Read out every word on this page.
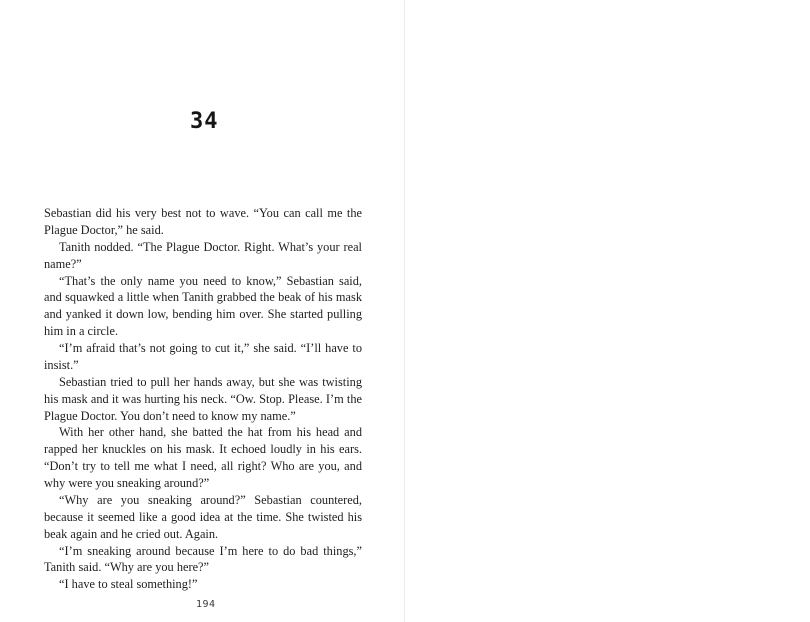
34

Sebastian did his very best not to wave. “You can call me the Plague Doctor,” he said.

Tanith nodded. “The Plague Doctor. Right. What’s your real name?”

“That’s the only name you need to know,” Sebastian said, and squawked a little when Tanith grabbed the beak of his mask and yanked it down low, bending him over. She started pulling him in a circle.

“I’m afraid that’s not going to cut it,” she said. “I’ll have to insist.”

Sebastian tried to pull her hands away, but she was twisting his mask and it was hurting his neck. “Ow. Stop. Please. I’m the Plague Doctor. You don’t need to know my name.”

With her other hand, she batted the hat from his head and rapped her knuckles on his mask. It echoed loudly in his ears. “Don’t try to tell me what I need, all right? Who are you, and why were you sneaking around?”

“Why are you sneaking around?” Sebastian countered, because it seemed like a good idea at the time. She twisted his beak again and he cried out. Again.

“I’m sneaking around because I’m here to do bad things,” Tanith said. “Why are you here?”

“I have to steal something!”

194
